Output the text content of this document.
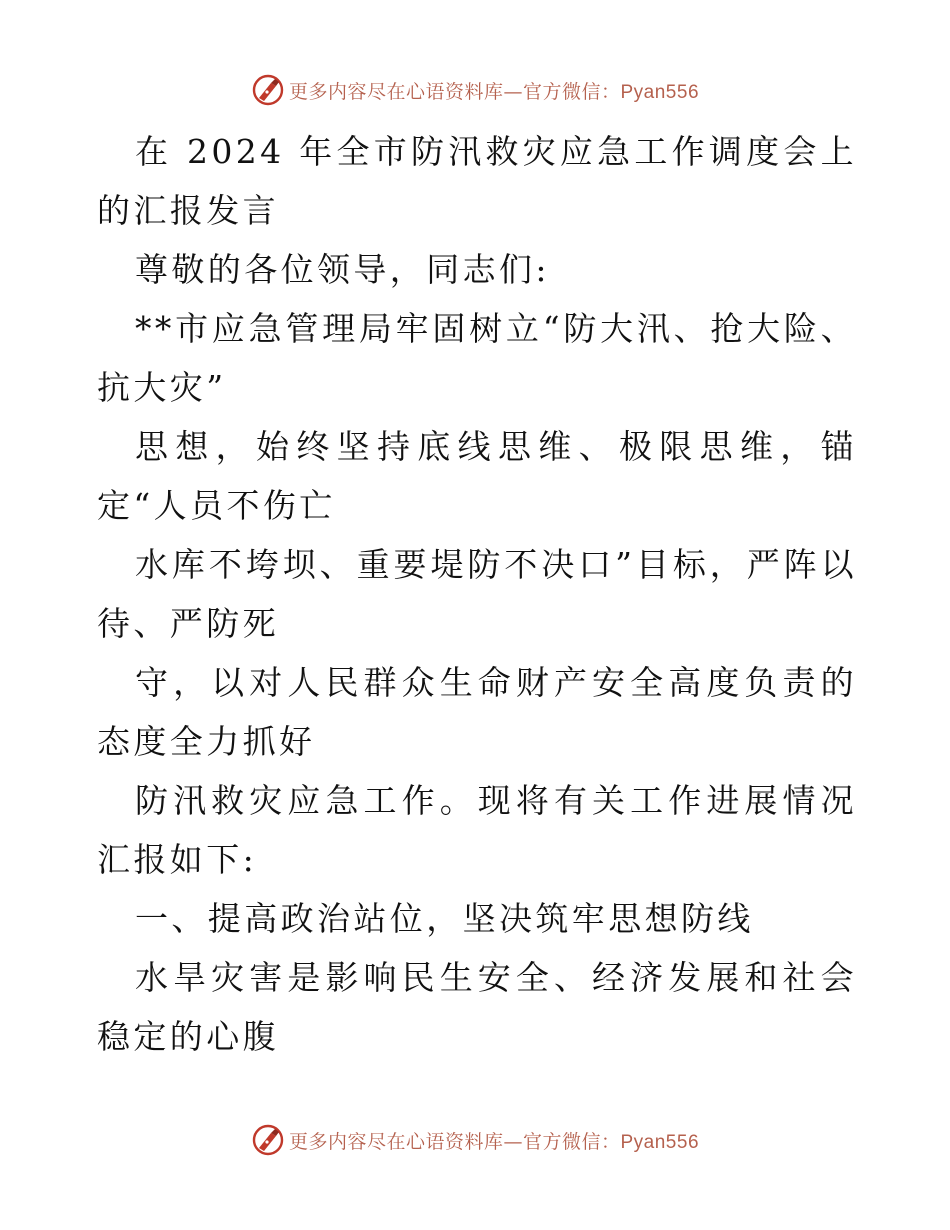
更多内容尽在心语资料库—官方微信：Pyan556

在 2024 年全市防汛救灾应急工作调度会上的汇报发言

尊敬的各位领导，同志们:

**市应急管理局牢固树立“防大汛、抢大险、抗大灾”

思想，始终坚持底线思维、极限思维，锚定“人员不伤亡

水库不垮坝、重要堤防不决口”目标，严阵以待、严防死

守，以对人民群众生命财产安全高度负责的态度全力抓好

防汛救灾应急工作。现将有关工作进展情况汇报如下:

一、提高政治站位，坚决筑牢思想防线

水旱灾害是影响民生安全、经济发展和社会稳定的心腹

更多内容尽在心语资料库—官方微信：Pyan556
